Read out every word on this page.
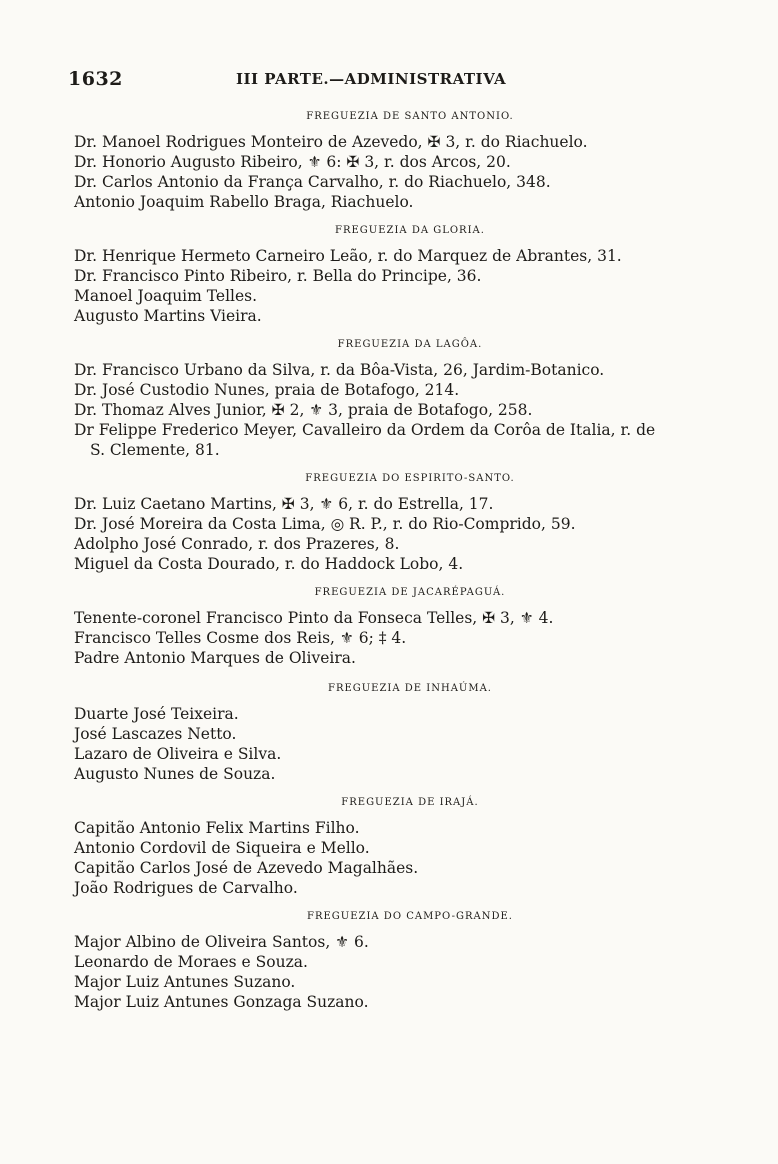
1632	III PARTE.—ADMINISTRATIVA
FREGUEZIA DE SANTO ANTONIO.
Dr. Manoel Rodrigues Monteiro de Azevedo, ✠ 3, r. do Riachuelo.
Dr. Honorio Augusto Ribeiro, ⚜ 6: ✠ 3, r. dos Arcos, 20.
Dr. Carlos Antonio da França Carvalho, r. do Riachuelo, 348.
Antonio Joaquim Rabello Braga, Riachuelo.
FREGUEZIA DA GLORIA.
Dr. Henrique Hermeto Carneiro Leão, r. do Marquez de Abrantes, 31.
Dr. Francisco Pinto Ribeiro, r. Bella do Principe, 36.
Manoel Joaquim Telles.
Augusto Martins Vieira.
FREGUEZIA DA LAGÔA.
Dr. Francisco Urbano da Silva, r. da Bôa-Vista, 26, Jardim-Botanico.
Dr. José Custodio Nunes, praia de Botafogo, 214.
Dr. Thomaz Alves Junior, ✠ 2, ⚜ 3, praia de Botafogo, 258.
Dr Felippe Frederico Meyer, Cavalleiro da Ordem da Corôa de Italia, r. de
S. Clemente, 81.
FREGUEZIA DO ESPIRITO-SANTO.
Dr. Luiz Caetano Martins, ✠ 3, ⚜ 6, r. do Estrella, 17.
Dr. José Moreira da Costa Lima, ◎ R. P., r. do Rio-Comprido, 59.
Adolpho José Conrado, r. dos Prazeres, 8.
Miguel da Costa Dourado, r. do Haddock Lobo, 4.
FREGUEZIA DE JACARÉPAGUÁ.
Tenente-coronel Francisco Pinto da Fonseca Telles, ✠ 3, ⚜ 4.
Francisco Telles Cosme dos Reis, ⚜ 6; ‡ 4.
Padre Antonio Marques de Oliveira.
FREGUEZIA DE INHAÚMA.
Duarte José Teixeira.
José Lascazes Netto.
Lazaro de Oliveira e Silva.
Augusto Nunes de Souza.
FREGUEZIA DE IRAJÁ.
Capitão Antonio Felix Martins Filho.
Antonio Cordovil de Siqueira e Mello.
Capitão Carlos José de Azevedo Magalhães.
João Rodrigues de Carvalho.
FREGUEZIA DO CAMPO-GRANDE.
Major Albino de Oliveira Santos, ⚜ 6.
Leonardo de Moraes e Souza.
Major Luiz Antunes Suzano.
Major Luiz Antunes Gonzaga Suzano.
